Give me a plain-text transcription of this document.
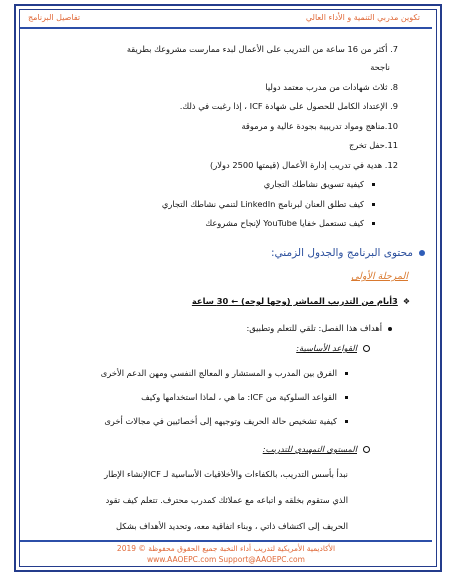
تفاصيل البرنامج	تكوين مدربي التنمية و الأداء العالي
7. أكثر من 16 ساعة من التدريب على الأعمال لبدء ممارست مشروعك بطريقة
ناجحة
8. ثلاث شهادات من مدرب معتمد دوليا
9. الإعتداد الكامل للحصول على شهادة ICF ، إذا رغبت في ذلك.
10.مناهج ومواد تدريبية بجودة عالية و مرموقة
11.حفل تخرج
12. هدية في تدريب إدارة الأعمال (قيمتها 2500 دولار)
كيفية تسويق نشاطك التجاري
كيف تطلق العنان لبرنامج LinkedIn لتنمي نشاطك التجاري
كيف تستعمل خفايا YouTube لإنجاح مشروعك
محتوى البرنامج والجدول الزمني:
المرحلة الأولى
❖3أيام من التدريب المباشر (وجها لوجه) ← 30 ساعة
أهداف هذا الفصل: تلقي للتعلم وتطبيق:
القواعد الأساسية:
الفرق بين المدرب و المستشار و المعالج النفسي ومهن الدعم الأخرى
القواعد السلوكية من ICF: ما هي ، لماذا استخدامها وكيف
كيفية تشخيص حالة الحريف وتوجيهه إلى أخصائيين في مجالات أخرى
المستوى التمهيدي للتدريب:
نبدأ بأسس التدريب، بالكفاءات والأخلاقيات الأساسية لـ ICFلإنشاء الإطار
الذي ستقوم بخلقه و اتباعه مع عملائك كمدرب محترف. تتعلم كيف تقود
الحريف إلى اكتشاف ذاتي ، وبناء اتفاقية معه، وتحديد الأهداف بشكل
الأكاديمية الأمريكية لتدريب أداء النخبة جميع الحقوق محفوظة © 2019
www.AAOEPC.com Support@AAOEPC.com
